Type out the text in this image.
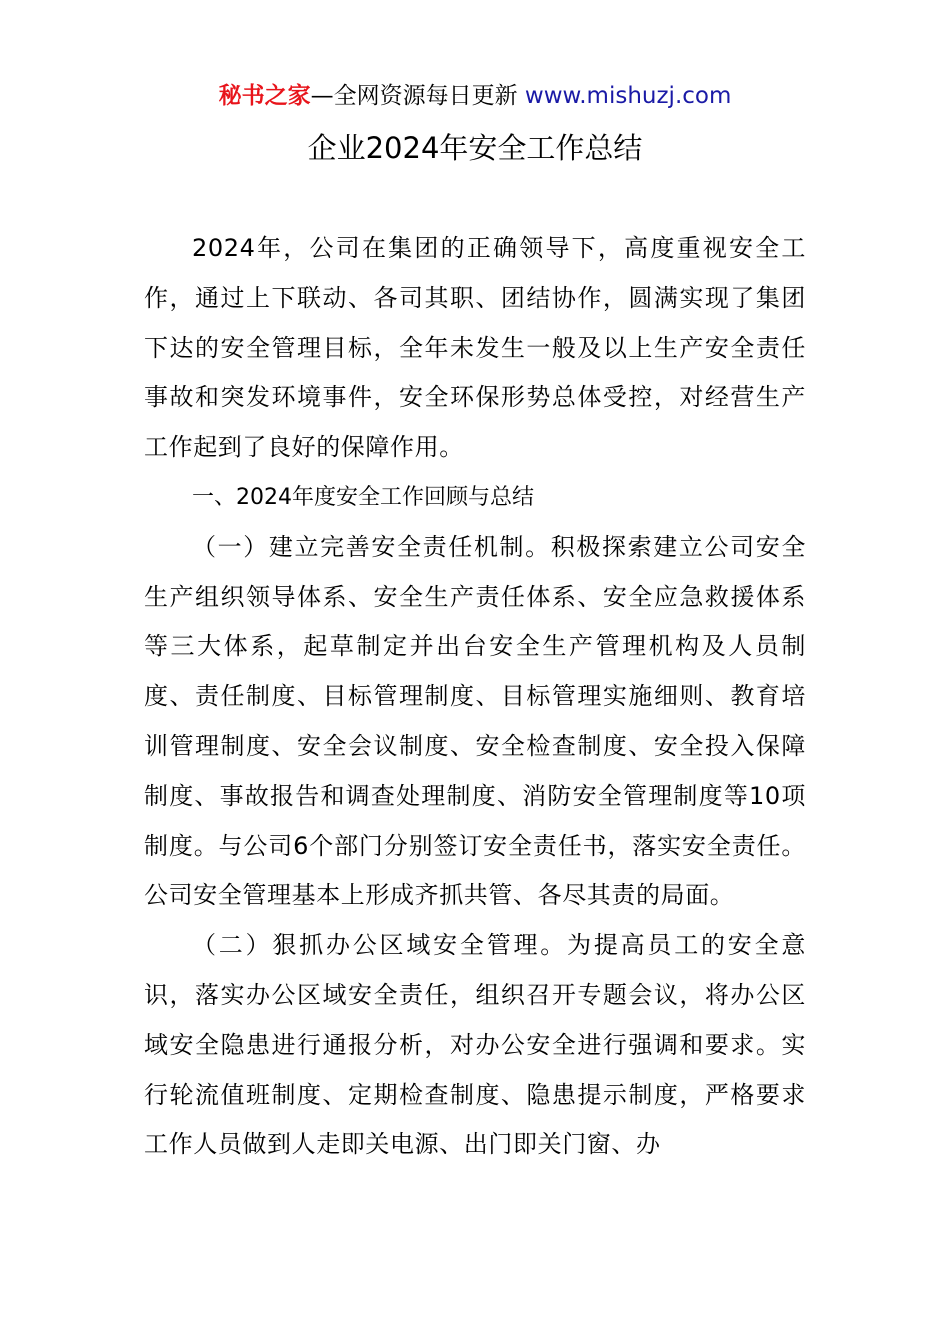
秘书之家—全网资源每日更新 www.mishuzj.com
企业2024年安全工作总结

2024年，公司在集团的正确领导下，高度重视安全工作，通过上下联动、各司其职、团结协作，圆满实现了集团下达的安全管理目标，全年未发生一般及以上生产安全责任事故和突发环境事件，安全环保形势总体受控，对经营生产工作起到了良好的保障作用。

一、2024年度安全工作回顾与总结

（一）建立完善安全责任机制。积极探索建立公司安全生产组织领导体系、安全生产责任体系、安全应急救援体系等三大体系，起草制定并出台安全生产管理机构及人员制度、责任制度、目标管理制度、目标管理实施细则、教育培训管理制度、安全会议制度、安全检查制度、安全投入保障制度、事故报告和调查处理制度、消防安全管理制度等10项制度。与公司6个部门分别签订安全责任书，落实安全责任。公司安全管理基本上形成齐抓共管、各尽其责的局面。

（二）狠抓办公区域安全管理。为提高员工的安全意识，落实办公区域安全责任，组织召开专题会议，将办公区域安全隐患进行通报分析，对办公安全进行强调和要求。实行轮流值班制度、定期检查制度、隐患提示制度，严格要求工作人员做到人走即关电源、出门即关门窗、办
